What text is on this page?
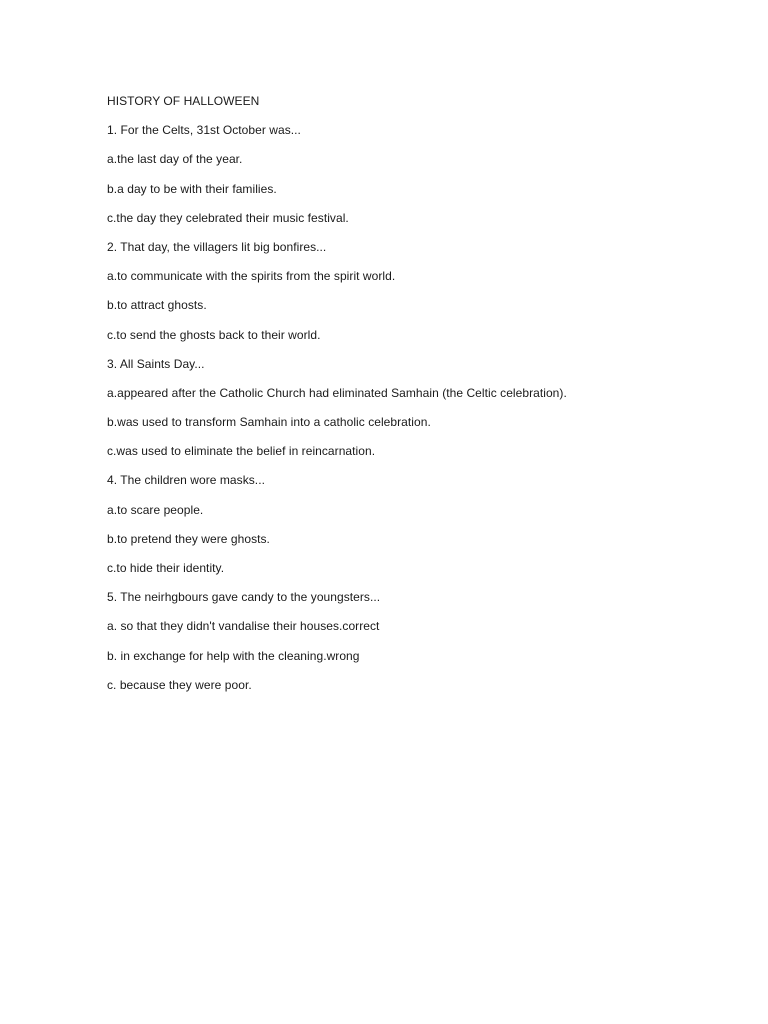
HISTORY OF HALLOWEEN
1. For the Celts, 31st October was...
a.the last day of the year.
b.a day to be with their families.
c.the day they celebrated their music festival.
2. That day, the villagers lit big bonfires...
a.to communicate with the spirits from the spirit world.
b.to attract ghosts.
c.to send the ghosts back to their world.
3. All Saints Day...
a.appeared after the Catholic Church had eliminated Samhain (the Celtic celebration).
b.was used to transform Samhain into a catholic celebration.
c.was used to eliminate the belief in reincarnation.
4. The children wore masks...
a.to scare people.
b.to pretend they were ghosts.
c.to hide their identity.
5. The neirhgbours gave candy to the youngsters...
a. so that they didn't vandalise their houses.correct
b. in exchange for help with the cleaning.wrong
c. because they were poor.
